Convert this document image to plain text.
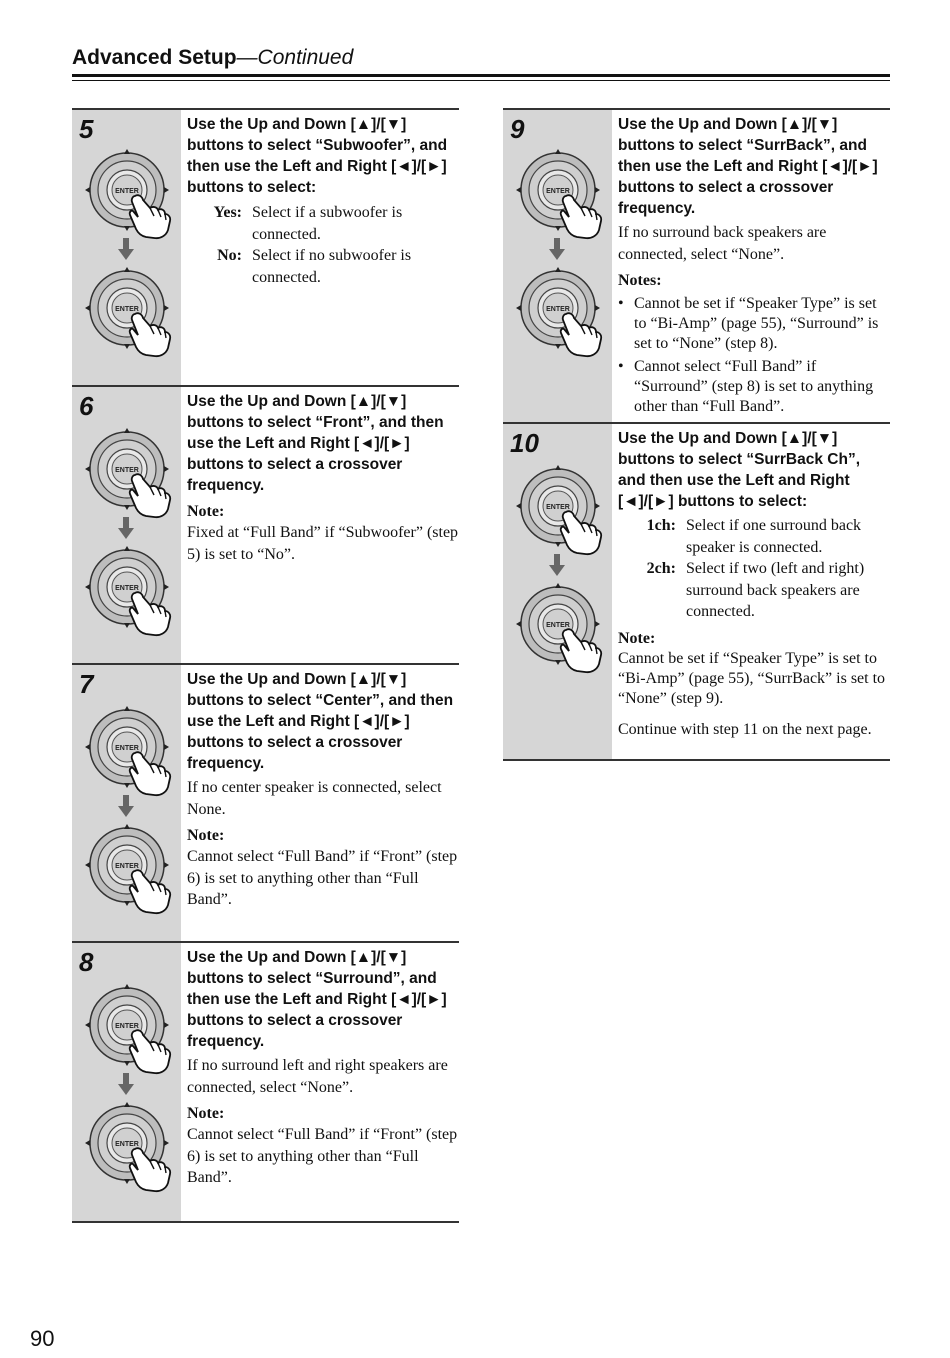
Advanced Setup—Continued
5	Use the Up and Down [▲]/[▼] buttons to select “Subwoofer”, and then use the Left and Right [◄]/[►] buttons to select:
Yes: Select if a subwoofer is connected.
No: Select if no subwoofer is connected.
6	Use the Up and Down [▲]/[▼] buttons to select “Front”, and then use the Left and Right [◄]/[►] buttons to select a crossover frequency.
Note:
Fixed at “Full Band” if “Subwoofer” (step 5) is set to “No”.
7	Use the Up and Down [▲]/[▼] buttons to select “Center”, and then use the Left and Right [◄]/[►] buttons to select a crossover frequency.
If no center speaker is connected, select None.
Note:
Cannot select “Full Band” if “Front” (step 6) is set to anything other than “Full Band”.
8	Use the Up and Down [▲]/[▼] buttons to select “Surround”, and then use the Left and Right [◄]/[►] buttons to select a crossover frequency.
If no surround left and right speakers are connected, select “None”.
Note:
Cannot select “Full Band” if “Front” (step 6) is set to anything other than “Full Band”.
9	Use the Up and Down [▲]/[▼] buttons to select “SurrBack”, and then use the Left and Right [◄]/[►] buttons to select a crossover frequency.
If no surround back speakers are connected, select “None”.
Notes:
• Cannot be set if “Speaker Type” is set to “Bi-Amp” (page 55), “Surround” is set to “None” (step 8).
• Cannot select “Full Band” if “Surround” (step 8) is set to anything other than “Full Band”.
10	Use the Up and Down [▲]/[▼] buttons to select “SurrBack Ch”, and then use the Left and Right [◄]/[►] buttons to select:
1ch: Select if one surround back speaker is connected.
2ch: Select if two (left and right) surround back speakers are connected.
Note:
Cannot be set if “Speaker Type” is set to “Bi-Amp” (page 55), “SurrBack” is set to “None” (step 9).
Continue with step 11 on the next page.
90
